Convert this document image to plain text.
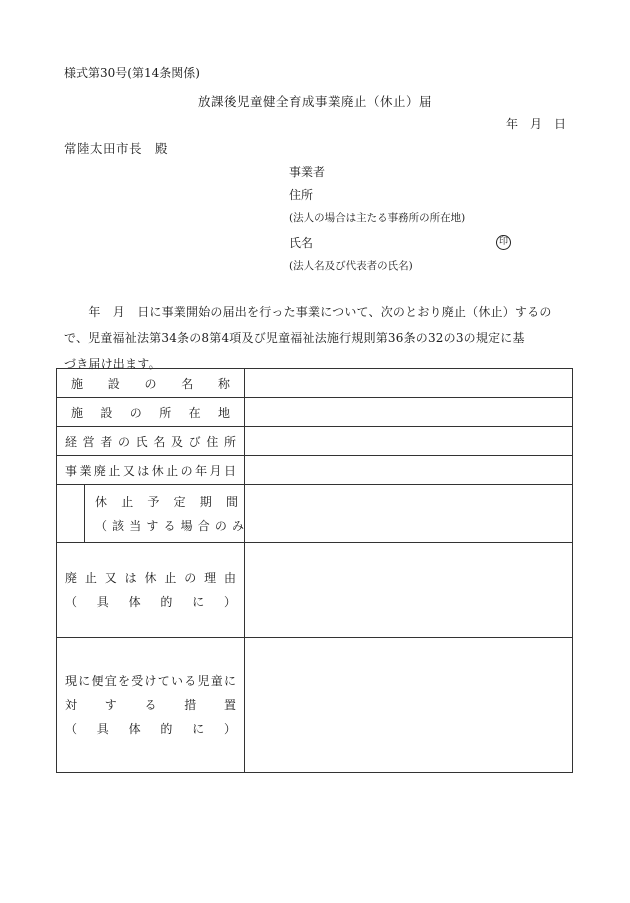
様式第30号(第14条関係)
放課後児童健全育成事業廃止（休止）届
年　月　日
常陸太田市長　殿
事業者
住所
(法人の場合は主たる事務所の所在地)
氏名	印
(法人名及び代表者の氏名)
　　年　月　日に事業開始の届出を行った事業について、次のとおり廃止（休止）するの
で、児童福祉法第34条の8第4項及び児童福祉法施行規則第36条の32の3の規定に基
づき届け出ます。
施　設　の　名　称		

施　設　の　所　在　地		

経営者の氏名及び住所		

事業廃止又は休止の年月日		

	休止予定期間
（該当する場合のみ	

廃止又は休止の理由
（　具　体　的　に　）		

現に便宜を受けている児童に
対　す　る　措　置
（　具　体　的　に　）		
